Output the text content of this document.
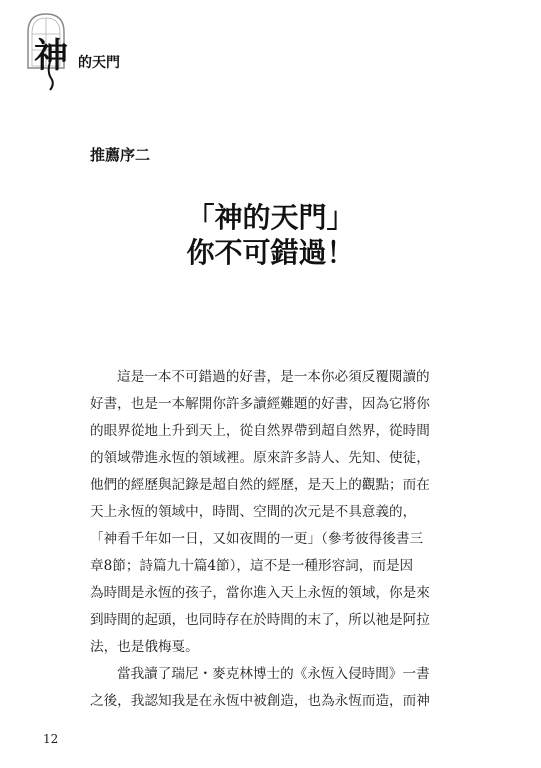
神 的天門
推薦序二
「神的天門」
你不可錯過！

這是一本不可錯過的好書，是一本你必須反覆閱讀的
好書，也是一本解開你許多讀經難題的好書，因為它將你
的眼界從地上升到天上，從自然界帶到超自然界，從時間
的領域帶進永恆的領域裡。原來許多詩人、先知、使徒，
他們的經歷與記錄是超自然的經歷，是天上的觀點；而在
天上永恆的領域中，時間、空間的次元是不具意義的，
「神看千年如一日，又如夜間的一更」（參考彼得後書三
章8節；詩篇九十篇4節），這不是一種形容詞，而是因
為時間是永恆的孩子，當你進入天上永恆的領域，你是來
到時間的起頭，也同時存在於時間的末了，所以祂是阿拉
法，也是俄梅戛。

當我讀了瑞尼・麥克林博士的《永恆入侵時間》一書
之後，我認知我是在永恆中被創造，也為永恆而造，而神

12
